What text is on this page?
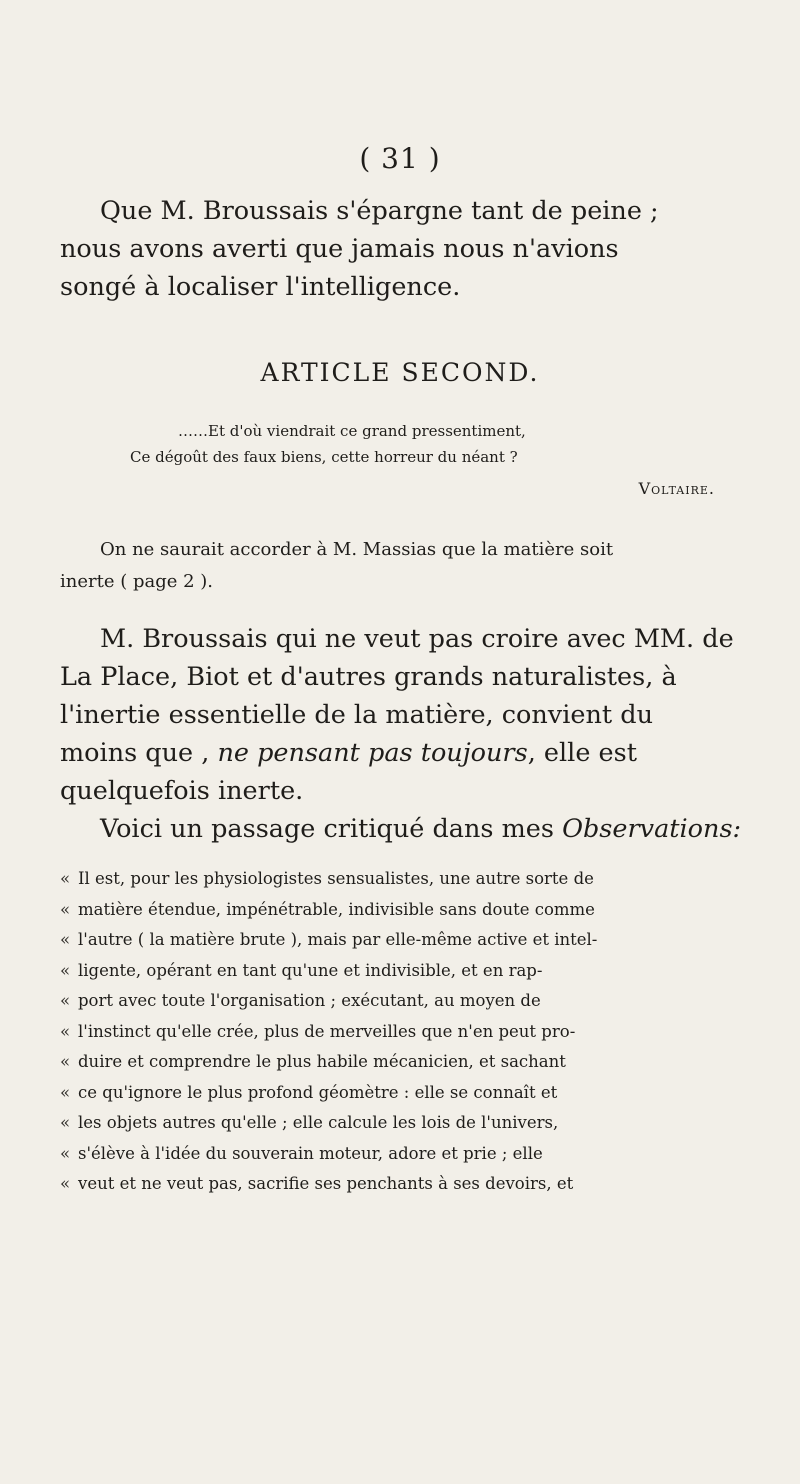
( 31 )
Que M. Broussais s'épargne tant de peine ;
nous avons averti que jamais nous n'avions
songé à localiser l'intelligence.
ARTICLE SECOND.
……Et d'où viendrait ce grand pressentiment,
Ce dégoût des faux biens, cette horreur du néant ?
Voltaire.
On ne saurait accorder à M. Massias que la matière soit
inerte ( page 2 ).
M. Broussais qui ne veut pas croire avec MM. de
La Place, Biot et d'autres grands naturalistes, à
l'inertie essentielle de la matière, convient du
moins que , ne pensant pas toujours, elle est
quelquefois inerte.
Voici un passage critiqué dans mes Observations:
« Il est, pour les physiologistes sensualistes, une autre sorte de
« matière étendue, impénétrable, indivisible sans doute comme
« l'autre ( la matière brute ), mais par elle-même active et intel-
« ligente, opérant en tant qu'une et indivisible, et en rap-
« port avec toute l'organisation ; exécutant, au moyen de
« l'instinct qu'elle crée, plus de merveilles que n'en peut pro-
« duire et comprendre le plus habile mécanicien, et sachant
« ce qu'ignore le plus profond géomètre : elle se connaît et
« les objets autres qu'elle ; elle calcule les lois de l'univers,
« s'élève à l'idée du souverain moteur, adore et prie ; elle
« veut et ne veut pas, sacrifie ses penchants à ses devoirs, et
